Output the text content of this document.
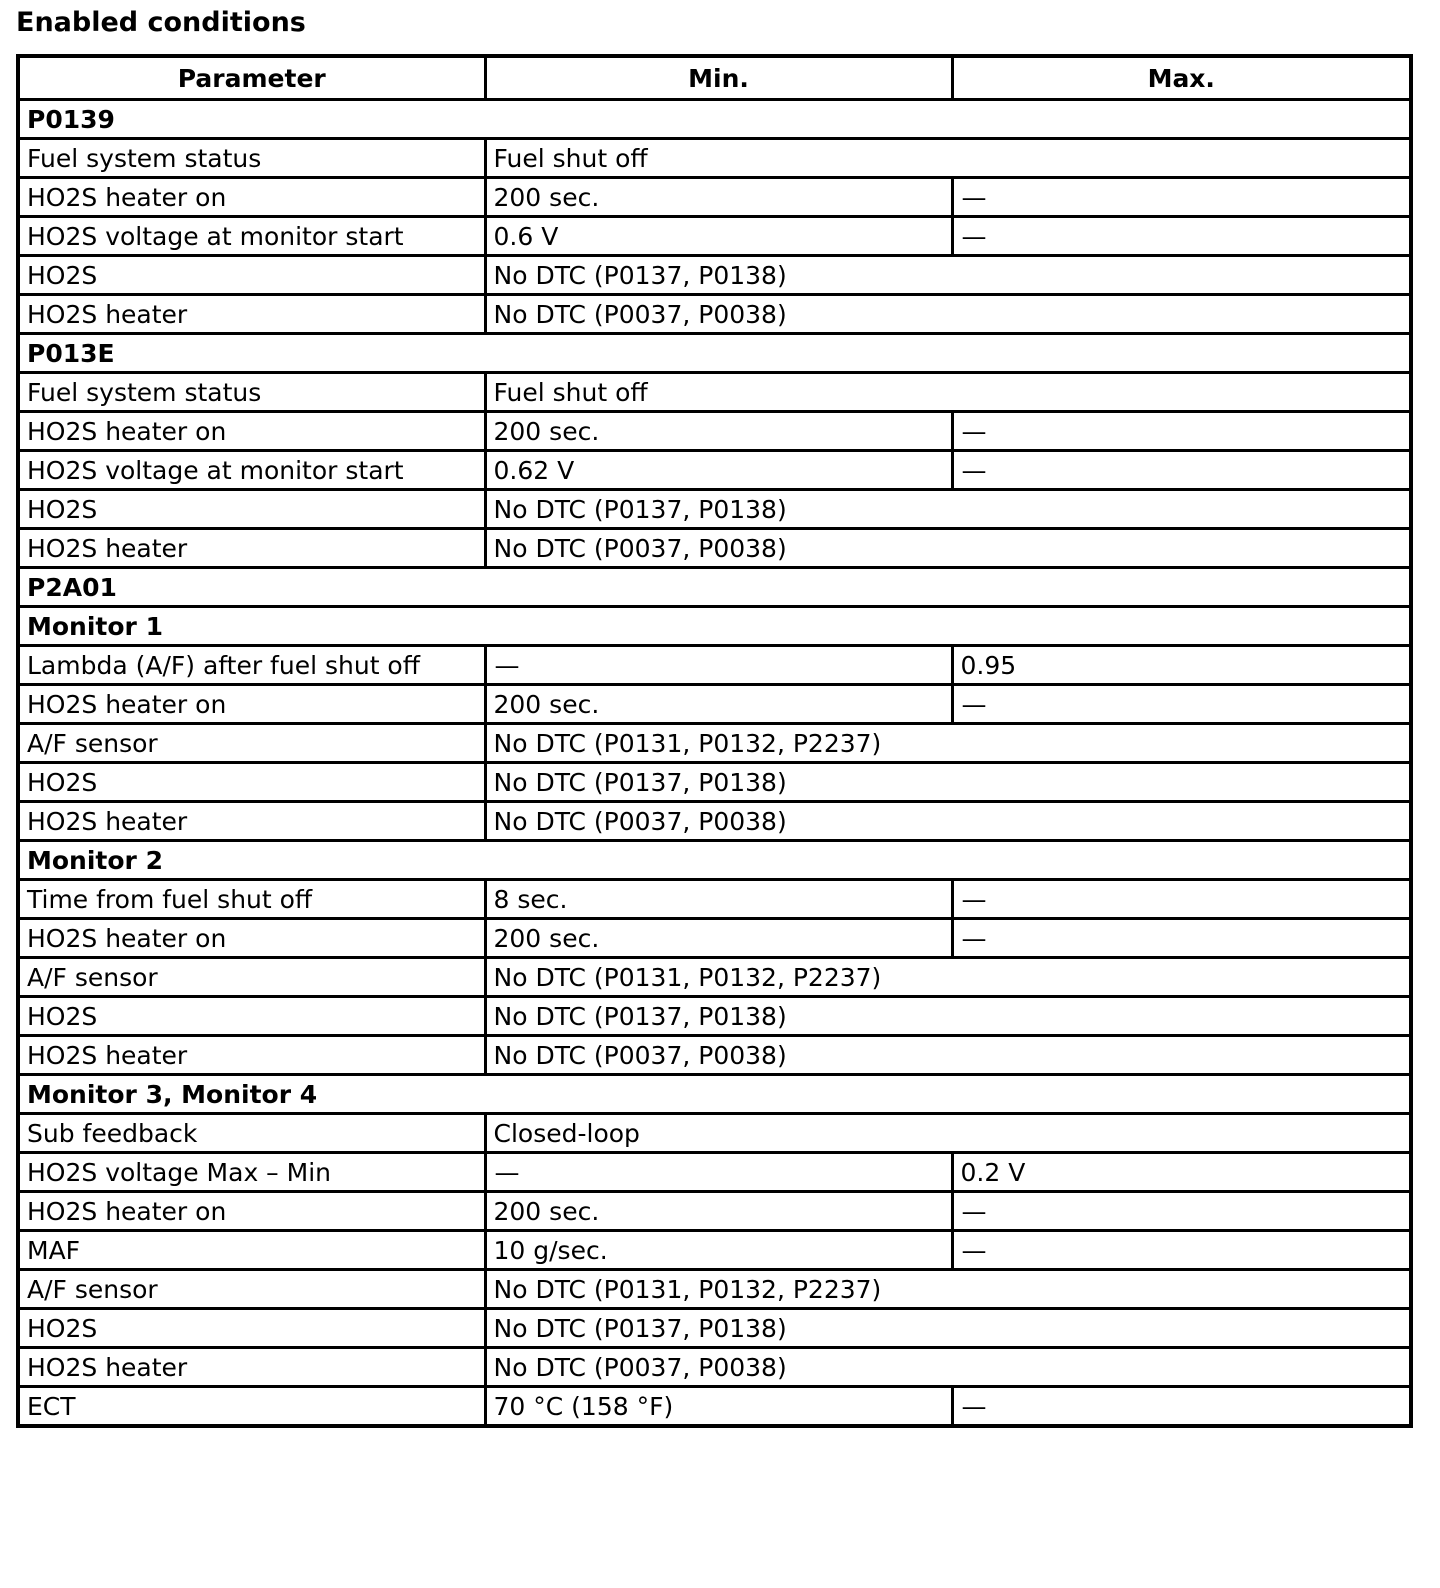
Enabled conditions
Parameter	Min.	Max.
P0139		
Fuel system status	Fuel shut off	
HO2S heater on	200 sec.	—
HO2S voltage at monitor start	0.6 V	—
HO2S	No DTC (P0137, P0138)	
HO2S heater	No DTC (P0037, P0038)	
P013E		
Fuel system status	Fuel shut off	
HO2S heater on	200 sec.	—
HO2S voltage at monitor start	0.62 V	—
HO2S	No DTC (P0137, P0138)	
HO2S heater	No DTC (P0037, P0038)	
P2A01		
Monitor 1		
Lambda (A/F) after fuel shut off	—	0.95
HO2S heater on	200 sec.	—
A/F sensor	No DTC (P0131, P0132, P2237)	
HO2S	No DTC (P0137, P0138)	
HO2S heater	No DTC (P0037, P0038)	
Monitor 2		
Time from fuel shut off	8 sec.	—
HO2S heater on	200 sec.	—
A/F sensor	No DTC (P0131, P0132, P2237)	
HO2S	No DTC (P0137, P0138)	
HO2S heater	No DTC (P0037, P0038)	
Monitor 3, Monitor 4		
Sub feedback	Closed-loop	
HO2S voltage Max – Min	—	0.2 V
HO2S heater on	200 sec.	—
MAF	10 g/sec.	—
A/F sensor	No DTC (P0131, P0132, P2237)	
HO2S	No DTC (P0137, P0138)	
HO2S heater	No DTC (P0037, P0038)	
ECT	70 °C (158 °F)	—
